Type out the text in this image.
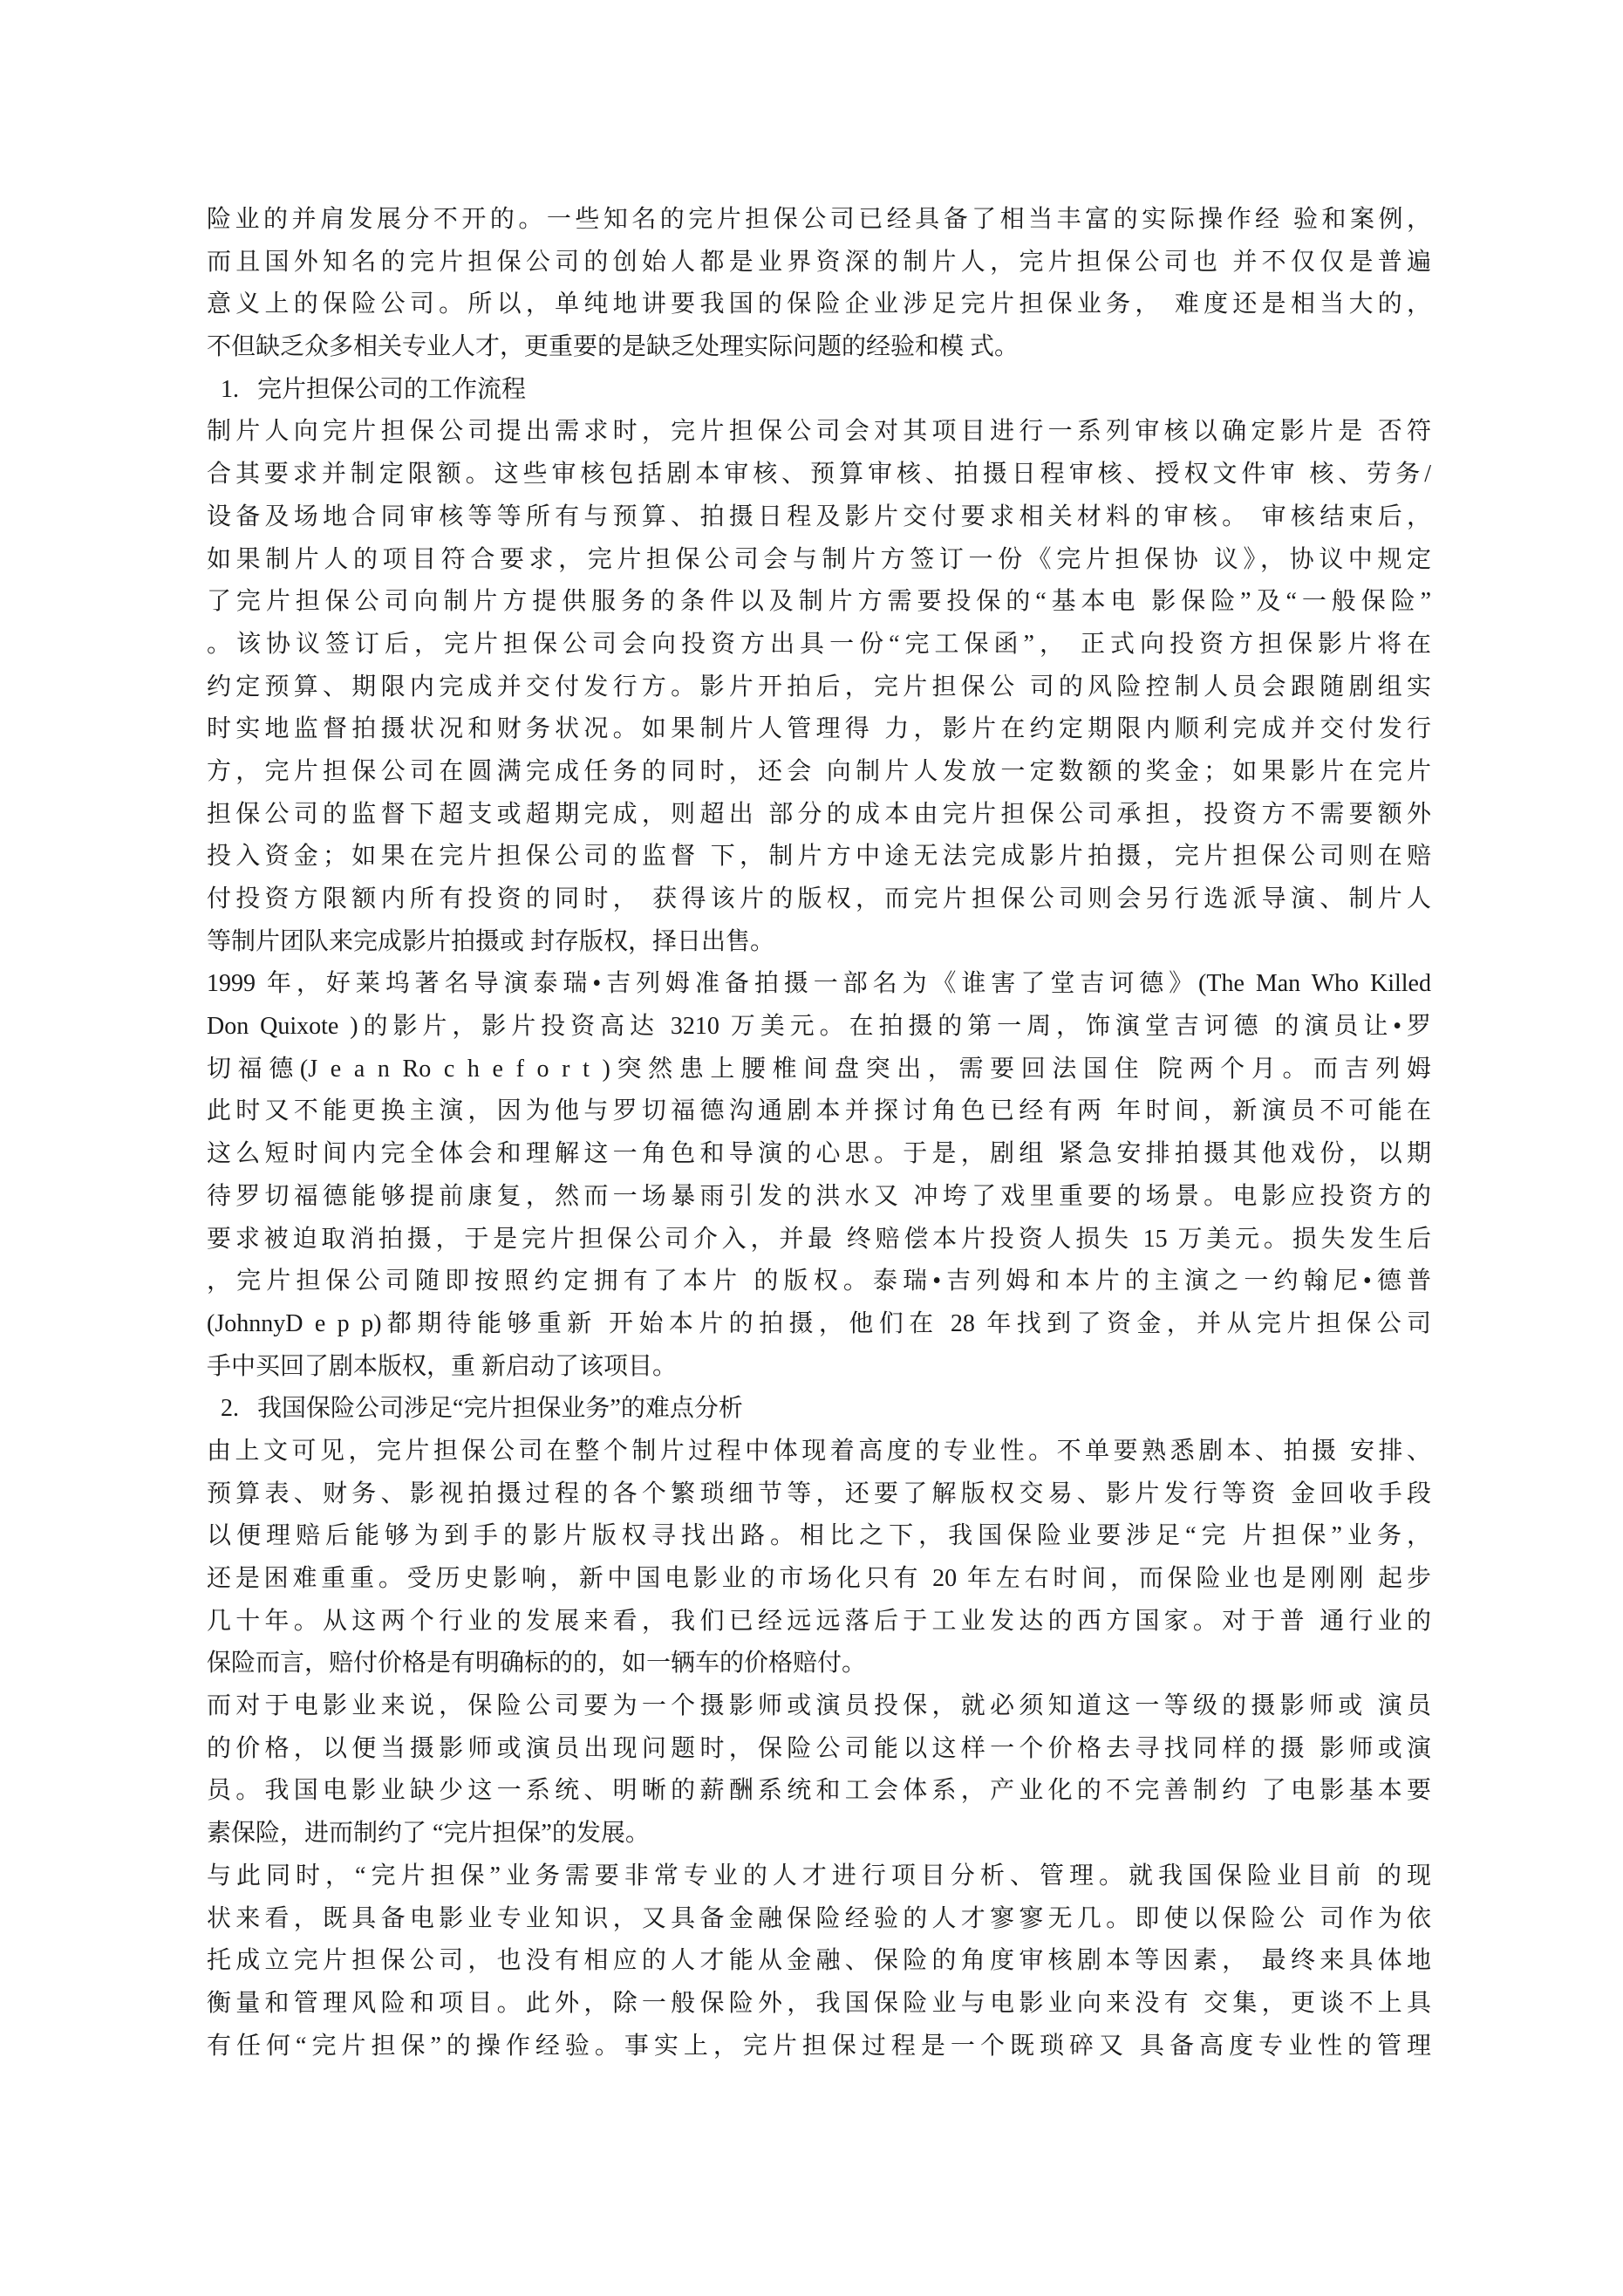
险业的并肩发展分不开的。一些知名的完片担保公司已经具备了相当丰富的实际操作经 验和案例，
而且国外知名的完片担保公司的创始人都是业界资深的制片人，完片担保公司也 并不仅仅是普遍
意义上的保险公司。所以，单纯地讲要我国的保险企业涉足完片担保业务， 难度还是相当大的，
不但缺乏众多相关专业人才，更重要的是缺乏处理实际问题的经验和模 式。
1.   完片担保公司的工作流程
制片人向完片担保公司提出需求时，完片担保公司会对其项目进行一系列审核以确定影片是 否符
合其要求并制定限额。这些审核包括剧本审核、预算审核、拍摄日程审核、授权文件审 核、劳务/
设备及场地合同审核等等所有与预算、拍摄日程及影片交付要求相关材料的审核。 审核结束后，
如果制片人的项目符合要求，完片担保公司会与制片方签订一份《完片担保协 议》，协议中规定
了完片担保公司向制片方提供服务的条件以及制片方需要投保的“基本电 影保险”及“一般保险”
。该协议签订后，完片担保公司会向投资方出具一份“完工保函”， 正式向投资方担保影片将在
约定预算、期限内完成并交付发行方。影片开拍后，完片担保公 司的风险控制人员会跟随剧组实
时实地监督拍摄状况和财务状况。如果制片人管理得 力，影片在约定期限内顺利完成并交付发行
方，完片担保公司在圆满完成任务的同时，还会 向制片人发放一定数额的奖金；如果影片在完片
担保公司的监督下超支或超期完成，则超出 部分的成本由完片担保公司承担，投资方不需要额外
投入资金；如果在完片担保公司的监督 下，制片方中途无法完成影片拍摄，完片担保公司则在赔
付投资方限额内所有投资的同时， 获得该片的版权，而完片担保公司则会另行选派导演、制片人
等制片团队来完成影片拍摄或 封存版权，择日出售。
1999 年，好莱坞著名导演泰瑞•吉列姆准备拍摄一部名为《谁害了堂吉诃德》(The Man Who Killed
Don Quixote )的影片，影片投资高达 3210 万美元。在拍摄的第一周，饰演堂吉诃德 的演员让•罗
切福德(J e a n Ro c h e f o r t )突然患上腰椎间盘突出，需要回法国住 院两个月。而吉列姆
此时又不能更换主演，因为他与罗切福德沟通剧本并探讨角色已经有两 年时间，新演员不可能在
这么短时间内完全体会和理解这一角色和导演的心思。于是，剧组 紧急安排拍摄其他戏份，以期
待罗切福德能够提前康复，然而一场暴雨引发的洪水又 冲垮了戏里重要的场景。电影应投资方的
要求被迫取消拍摄，于是完片担保公司介入，并最 终赔偿本片投资人损失 15 万美元。损失发生后
，完片担保公司随即按照约定拥有了本片 的版权。泰瑞•吉列姆和本片的主演之一约翰尼•德普
(JohnnyD e p p)都期待能够重新 开始本片的拍摄，他们在 28 年找到了资金，并从完片担保公司
手中买回了剧本版权，重 新启动了该项目。
2.   我国保险公司涉足“完片担保业务”的难点分析
由上文可见，完片担保公司在整个制片过程中体现着高度的专业性。不单要熟悉剧本、拍摄 安排、
预算表、财务、影视拍摄过程的各个繁琐细节等，还要了解版权交易、影片发行等资 金回收手段
以便理赔后能够为到手的影片版权寻找出路。相比之下，我国保险业要涉足“完 片担保”业务，
还是困难重重。受历史影响，新中国电影业的市场化只有 20 年左右时间，而保险业也是刚刚 起步
几十年。从这两个行业的发展来看，我们已经远远落后于工业发达的西方国家。对于普 通行业的
保险而言，赔付价格是有明确标的的，如一辆车的价格赔付。
而对于电影业来说，保险公司要为一个摄影师或演员投保，就必须知道这一等级的摄影师或 演员
的价格，以便当摄影师或演员出现问题时，保险公司能以这样一个价格去寻找同样的摄 影师或演
员。我国电影业缺少这一系统、明晰的薪酬系统和工会体系，产业化的不完善制约 了电影基本要
素保险，进而制约了 “完片担保”的发展。
与此同时，“完片担保”业务需要非常专业的人才进行项目分析、管理。就我国保险业目前 的现
状来看，既具备电影业专业知识，又具备金融保险经验的人才寥寥无几。即使以保险公 司作为依
托成立完片担保公司，也没有相应的人才能从金融、保险的角度审核剧本等因素， 最终来具体地
衡量和管理风险和项目。此外，除一般保险外，我国保险业与电影业向来没有 交集，更谈不上具
有任何“完片担保”的操作经验。事实上，完片担保过程是一个既琐碎又 具备高度专业性的管理
